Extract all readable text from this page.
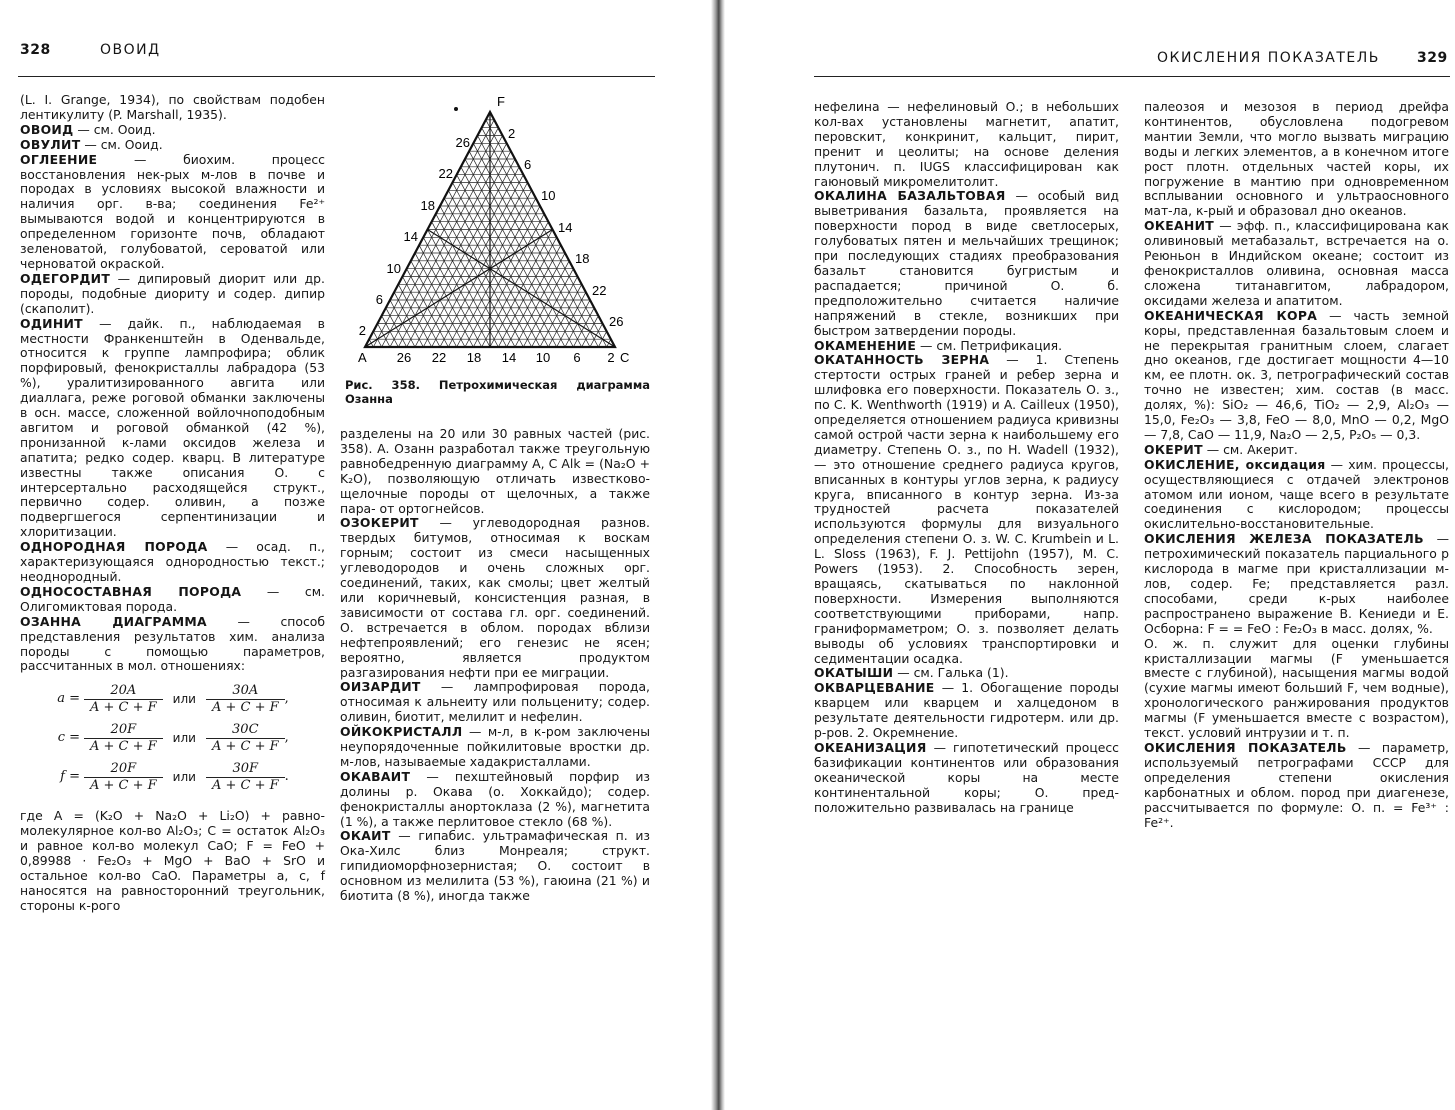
328	ОВОИД

(L. I. Grange, 1934), по свойствам подобен лентикулиту (P. Marshall, 1935).

ОВОИД — см. Ооид.

ОВУЛИТ — см. Ооид.

ОГЛЕЕНИЕ — биохим. процесс восстановления нек-рых м-лов в почве и породах в условиях высокой влажности и наличия орг. в-ва; соединения Fe²⁺ вымываются водой и концентрируются в определенном горизонте почв, обладают зеленоватой, голубоватой, сероватой или черноватой окраской.

ОДЕГОРДИТ — дипировый диорит или др. породы, подобные диориту и содер. дипир (скаполит).

ОДИНИТ — дайк. п., наблюдаемая в местности Франкенштейн в Оденвальде, относится к группе лампрофира; облик порфировый, фенокристаллы лабрадора (53 %), уралитизированного авгита или диаллага, реже роговой обманки заключены в осн. массе, сложенной войлочноподобным авгитом и роговой обманкой (42 %), пронизанной к-лами оксидов железа и апатита; редко содер. кварц. В литературе известны также описания О. с интерсертально расходящейся структ., первично содер. оливин, а позже подвергшегося серпентинизации и хлоритизации.

ОДНОРОДНАЯ ПОРОДА — осад. п., характеризующаяся однородностью текст.; неоднородный.

ОДНОСОСТАВНАЯ ПОРОДА — см. Олигомиктовая порода.

ОЗАННА ДИАГРАММА — способ представления результатов хим. анализа породы с помощью параметров, рассчитанных в мол. отношениях:

$a = \frac{20A}{A + C + F}$ или $\frac{30A}{A + C + F}$ ,
$c = \frac{20F}{A + C + F}$ или $\frac{30C}{A + C + F}$ ,
$f = \frac{20F}{A + C + F}$ или $\frac{30F}{A + C + F}$ .

где A = (K₂O + Na₂O + Li₂O) + равномолекулярное кол-во Al₂O₃; C = остаток Al₂O₃ и равное кол-во молекул CaO; F = FeO + 0,89988 · Fe₂O₃ + MgO + BaO + SrO и остальное кол-во CaO. Параметры a, c, f наносятся на равносторонний треугольник, стороны к-рого

F
A	C
26 22 18 14 10 6 2
2
6
10
14
18
22
26
2
6
10
14
18
22
26
Рис. 358. Петрохимическая диаграмма Озанна

разделены на 20 или 30 равных частей (рис. 358). А. Озанн разработал также треугольную равнобедренную диаграмму A, C Alk = (Na₂O + K₂O), позволяющую отличать известково-щелочные породы от щелочных, а также пара- от ортогнейсов.

ОЗОКЕРИТ — углеводородная разнов. твердых битумов, относимая к воскам горным; состоит из смеси насыщенных углеводородов и очень сложных орг. соединений, таких, как смолы; цвет желтый или коричневый, консистенция разная, в зависимости от состава гл. орг. соединений. О. встречается в облом. породах вблизи нефтепроявлений; его генезис не ясен; вероятно, является продуктом разгазирования нефти при ее миграции.

ОИЗАРДИТ — лампрофировая порода, относимая к альнеиту или польцениту; содер. оливин, биотит, мелилит и нефелин.

ОЙКОКРИСТАЛЛ — м-л, в к-ром заключены неупорядоченные пойкилитовые вростки др. м-лов, называемые хадакристаллами.

ОКАВАИТ — пехштейновый порфир из долины р. Окава (о. Хоккайдо); содер. фенокристаллы анортоклаза (2 %), магнетита (1 %), а также перлитовое стекло (68 %).

ОКАИТ — гипабис. ультрамафическая п. из Ока-Хилс близ Монреаля; структ. гипидиоморфнозернистая; О. состоит в основном из мелилита (53 %), гаюина (21 %) и биотита (8 %), иногда также

ОКИСЛЕНИЯ ПОКАЗАТЕЛЬ	329

нефелина — нефелиновый О.; в небольших кол-вах установлены магнетит, апатит, перовскит, конкринит, кальцит, пирит, пренит и цеолиты; на основе деления плутонич. п. IUGS классифицирован как гаюновый микромелитолит.

ОКАЛИНА БАЗАЛЬТОВАЯ — особый вид выветривания базальта, проявляется на поверхности пород в виде светлосерых, голубоватых пятен и мельчайших трещинок; при последующих стадиях преобразования базальт становится бугристым и распадается; причиной О. б. предположительно считается наличие напряжений в стекле, возникших при быстром затвердении породы.

ОКАМЕНЕНИЕ — см. Петрификация.

ОКАТАННОСТЬ ЗЕРНА — 1. Степень стертости острых граней и ребер зерна и шлифовка его поверхности. Показатель О. з., по C. K. Wenthworth (1919) и A. Cailleux (1950), определяется отношением радиуса кривизны самой острой части зерна к наибольшему его диаметру. Степень О. з., по H. Wadell (1932), — это отношение среднего радиуса кругов, вписанных в контуры углов зерна, к радиусу круга, вписанного в контур зерна. Из-за трудностей расчета показателей используются формулы для визуального определения степени О. з. W. C. Krumbein и L. L. Sloss (1963), F. J. Pettijohn (1957), M. C. Powers (1953). 2. Способность зерен, вращаясь, скатываться по наклонной поверхности. Измерения выполняются соответствующими приборами, напр. граниформаметром; О. з. позволяет делать выводы об условиях транспортировки и седиментации осадка.

ОКАТЫШИ — см. Галька (1).

ОКВАРЦЕВАНИЕ — 1. Обогащение породы кварцем или кварцем и халцедоном в результате деятельности гидротерм. или др. р-ров. 2. Окремнение.

ОКЕАНИЗАЦИЯ — гипотетический процесс базификации континентов или образования океанической коры на месте континентальной коры; О. предположительно развивалась на границе

палеозоя и мезозоя в период дрейфа континентов, обусловлена подогревом мантии Земли, что могло вызвать миграцию воды и легких элементов, а в конечном итоге рост плотн. отдельных частей коры, их погружение в мантию при одновременном всплывании основного и ультраосновного мат-ла, к-рый и образовал дно океанов.

ОКЕАНИТ — эфф. п., классифицирована как оливиновый метабазальт, встречается на о. Реюньон в Индийском океане; состоит из фенокристаллов оливина, основная масса сложена титанавгитом, лабрадором, оксидами железа и апатитом.

ОКЕАНИЧЕСКАЯ КОРА — часть земной коры, представленная базальтовым слоем и не перекрытая гранитным слоем, слагает дно океанов, где достигает мощности 4—10 км, ее плотн. ок. 3, петрографический состав точно не известен; хим. состав (в масс. долях, %): SiO₂ — 46,6, TiO₂ — 2,9, Al₂O₃ — 15,0, Fe₂O₃ — 3,8, FeO — 8,0, MnO — 0,2, MgO — 7,8, CaO — 11,9, Na₂O — 2,5, P₂O₅ — 0,3.

ОКЕРИТ — см. Акерит.

ОКИСЛЕНИЕ, оксидация — хим. процессы, осуществляющиеся с отдачей электронов атомом или ионом, чаще всего в результате соединения с кислородом; процессы окислительно-восстановительные.

ОКИСЛЕНИЯ ЖЕЛЕЗА ПОКАЗАТЕЛЬ — петрохимический показатель парциального p кислорода в магме при кристаллизации м-лов, содер. Fe; представляется разл. способами, среди к-рых наиболее распространено выражение В. Кениеди и Е. Осборна: F = = FeO : Fe₂O₃ в масс. долях, %.

О. ж. п. служит для оценки глубины кристаллизации магмы (F уменьшается вместе с глубиной), насыщения магмы водой (сухие магмы имеют больший F, чем водные), хронологического ранжирования продуктов магмы (F уменьшается вместе с возрастом), текст. условий интрузии и т. п.

ОКИСЛЕНИЯ ПОКАЗАТЕЛЬ — параметр, используемый петрографами СССР для определения степени окисления карбонатных и облом. пород при диагенезе, рассчитывается по формуле: О. п. = Fe³⁺ : Fe²⁺.
